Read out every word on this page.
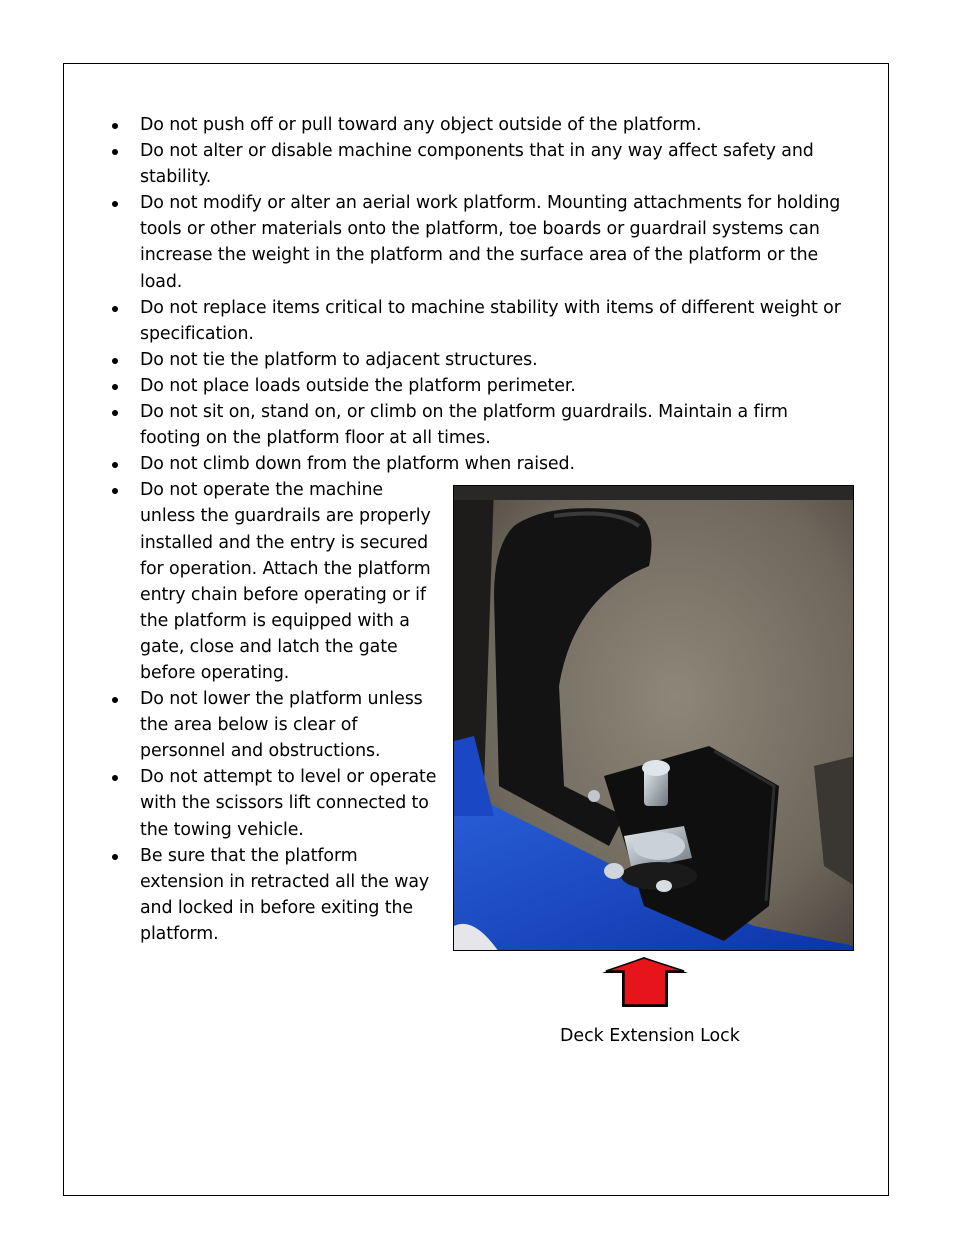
Do not push off or pull toward any object outside of the platform.
Do not alter or disable machine components that in any way affect safety and stability.
Do not modify or alter an aerial work platform. Mounting attachments for holding tools or other materials onto the platform, toe boards or guardrail systems can increase the weight in the platform and the surface area of the platform or the load.
Do not replace items critical to machine stability with items of different weight or specification.
Do not tie the platform to adjacent structures.
Do not place loads outside the platform perimeter.
Do not sit on, stand on, or climb on the platform guardrails. Maintain a firm footing on the platform floor at all times.
Do not climb down from the platform when raised.
Do not operate the machine unless the guardrails are properly installed and the entry is secured for operation. Attach the platform entry chain before operating or if the platform is equipped with a gate, close and latch the gate before operating.
Do not lower the platform unless the area below is clear of personnel and obstructions.
Do not attempt to level or operate with the scissors lift connected to the towing vehicle.
Be sure that the platform extension in retracted all the way and locked in before exiting the platform.
Deck Extension Lock
